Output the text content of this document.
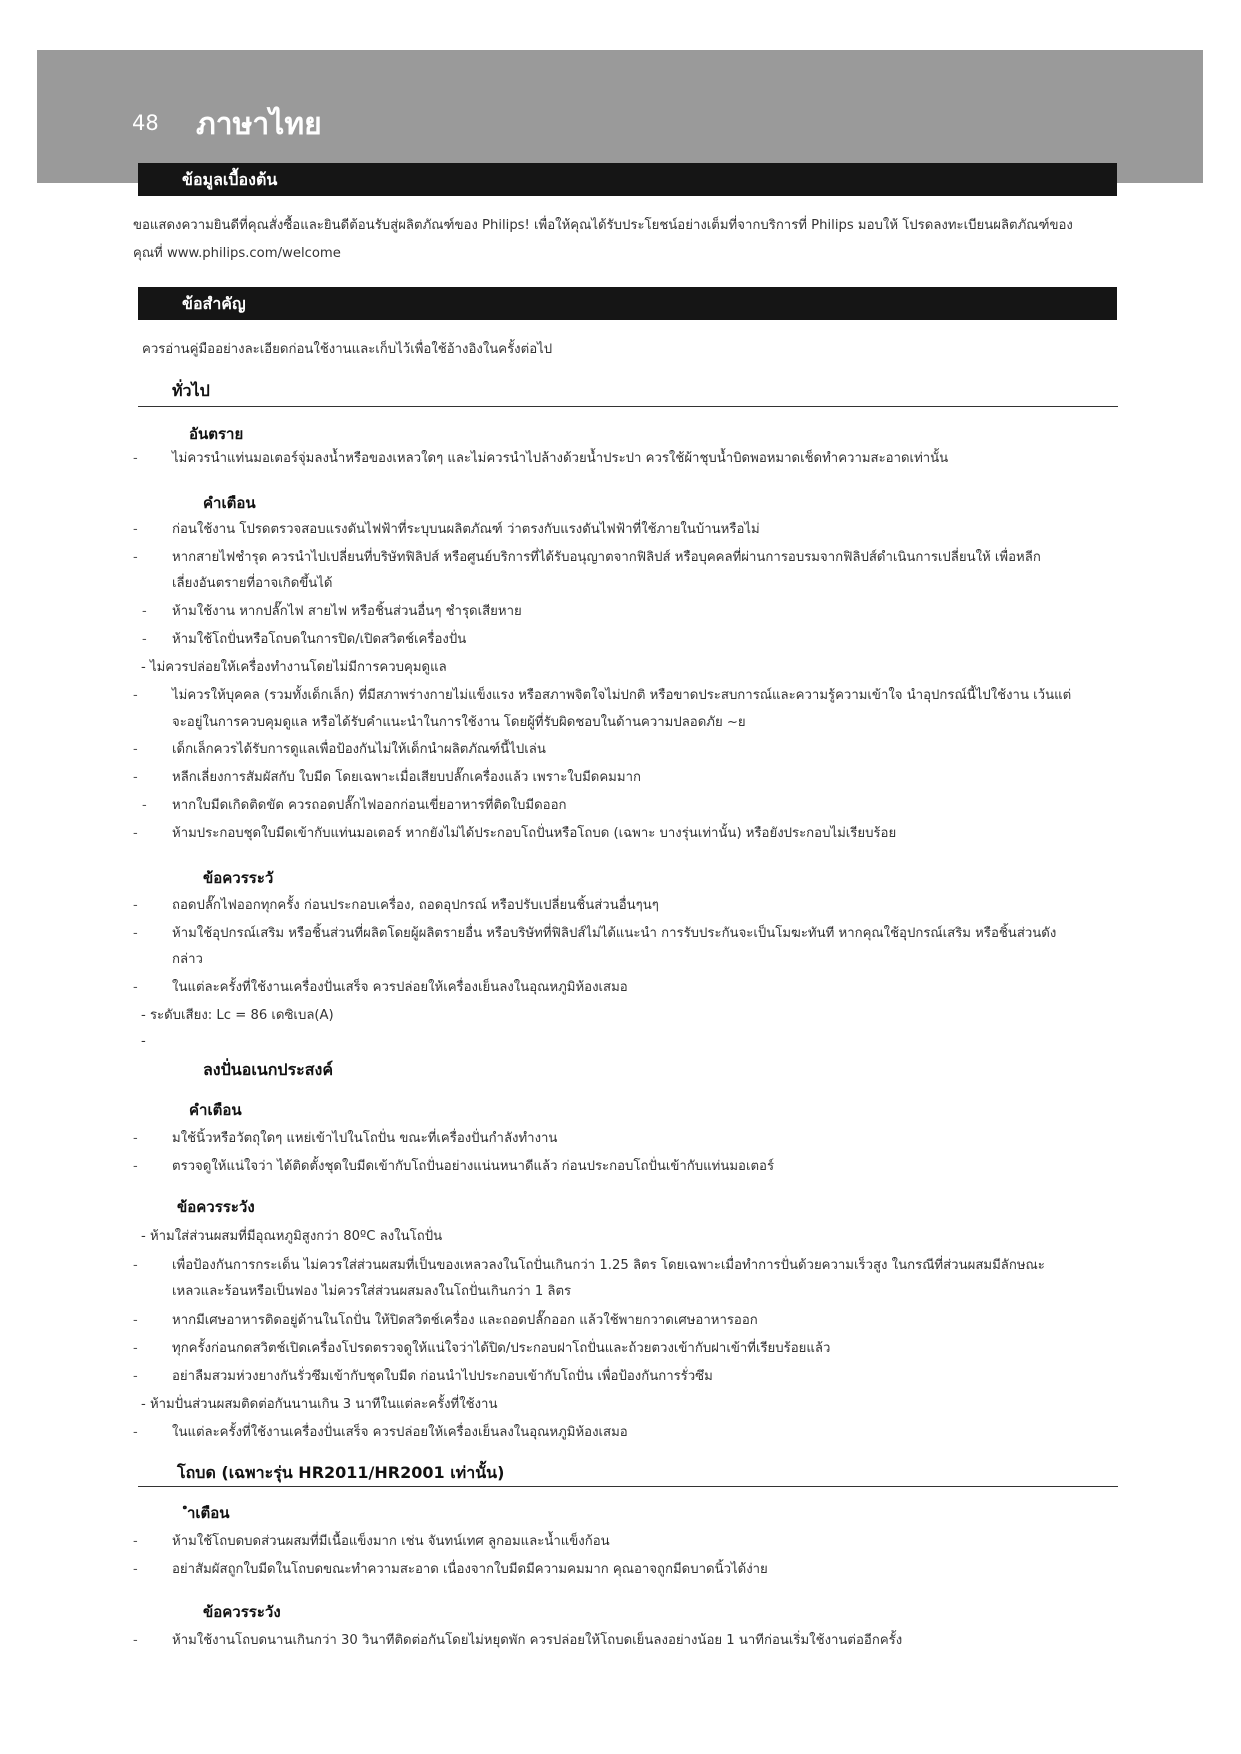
48 ภาษาไทย
ข้อมูลเบื้องต้น
ขอแสดงความยินดีที่คุณสั่งซื้อและยินดีต้อนรับสู่ผลิตภัณฑ์ของ Philips! เพื่อให้คุณได้รับประโยชน์อย่างเต็มที่จากบริการที่ Philips มอบให้ โปรดลงทะเบียนผลิตภัณฑ์ของ
คุณที่ www.philips.com/welcome
ข้อสำคัญ
ควรอ่านคู่มืออย่างละเอียดก่อนใช้งานและเก็บไว้เพื่อใช้อ้างอิงในครั้งต่อไป
ทั่วไป
อันตราย
-	ไม่ควรนำแท่นมอเตอร์จุ่มลงน้ำหรือของเหลวใดๆ และไม่ควรนำไปล้างด้วยน้ำประปา ควรใช้ผ้าชุบน้ำบิดพอหมาดเช็ดทำความสะอาดเท่านั้น
คำเตือน
-	ก่อนใช้งาน โปรดตรวจสอบแรงดันไฟฟ้าที่ระบุบนผลิตภัณฑ์ ว่าตรงกับแรงดันไฟฟ้าที่ใช้ภายในบ้านหรือไม่
-	หากสายไฟชำรุด ควรนำไปเปลี่ยนที่บริษัทฟิลิปส์ หรือศูนย์บริการที่ได้รับอนุญาตจากฟิลิปส์ หรือบุคคลที่ผ่านการอบรมจากฟิลิปส์ดำเนินการเปลี่ยนให้ เพื่อหลีก
เลี่ยงอันตรายที่อาจเกิดขึ้นได้
- ห้ามใช้งาน หากปลั๊กไฟ สายไฟ หรือชิ้นส่วนอื่นๆ ชำรุดเสียหาย
- ห้ามใช้โถปั่นหรือโถบดในการปิด/เปิดสวิตช์เครื่องปั่น
- ไม่ควรปล่อยให้เครื่องทำงานโดยไม่มีการควบคุมดูแล
-	ไม่ควรให้บุคคล (รวมทั้งเด็กเล็ก) ที่มีสภาพร่างกายไม่แข็งแรง หรือสภาพจิตใจไม่ปกติ หรือขาดประสบการณ์และความรู้ความเข้าใจ นำอุปกรณ์นี้ไปใช้งาน เว้นแต่
จะอยู่ในการควบคุมดูแล หรือได้รับคำแนะนำในการใช้งาน โดยผู้ที่รับผิดชอบในด้านความปลอดภัย ~ย
-	เด็กเล็กควรได้รับการดูแลเพื่อป้องกันไม่ให้เด็กนำผลิตภัณฑ์นี้ไปเล่น
-	หลีกเลี่ยงการสัมผัสกับ ใบมีด โดยเฉพาะเมื่อเสียบปลั๊กเครื่องแล้ว เพราะใบมีดคมมาก
- หากใบมีดเกิดติดขัด ควรถอดปลั๊กไฟออกก่อนเขี่ยอาหารที่ติดใบมีดออก
-	ห้ามประกอบชุดใบมีดเข้ากับแท่นมอเตอร์ หากยังไม่ได้ประกอบโถปั่นหรือโถบด (เฉพาะ บางรุ่นเท่านั้น) หรือยังประกอบไม่เรียบร้อย
ข้อควรระวั
-	ถอดปลั๊กไฟออกทุกครั้ง ก่อนประกอบเครื่อง, ถอดอุปกรณ์ หรือปรับเปลี่ยนชิ้นส่วนอื่นๆนๆ
-	ห้ามใช้อุปกรณ์เสริม หรือชิ้นส่วนที่ผลิตโดยผู้ผลิตรายอื่น หรือบริษัทที่ฟิลิปส์ไม่ได้แนะนำ การรับประกันจะเป็นโมฆะทันที หากคุณใช้อุปกรณ์เสริม หรือชิ้นส่วนดัง
กล่าว
-	ในแต่ละครั้งที่ใช้งานเครื่องปั่นเสร็จ ควรปล่อยให้เครื่องเย็นลงในอุณหภูมิห้องเสมอ
- ระดับเสียง: Lc = 86 เดซิเบล(A)
-
ลงปั่นอเนกประสงค์
คำเตือน
-	มใช้นิ้วหรือวัตถุใดๆ แหย่เข้าไปในโถปั่น ขณะที่เครื่องปั่นกำลังทำงาน
-	ตรวจดูให้แน่ใจว่า ได้ติดตั้งชุดใบมีดเข้ากับโถปั่นอย่างแน่นหนาดีแล้ว ก่อนประกอบโถปั่นเข้ากับแท่นมอเตอร์
ข้อควรระวัง
- ห้ามใส่ส่วนผสมที่มีอุณหภูมิสูงกว่า 80ºC ลงในโถปั่น
-	เพื่อป้องกันการกระเด็น ไม่ควรใส่ส่วนผสมที่เป็นของเหลวลงในโถปั่นเกินกว่า 1.25 ลิตร โดยเฉพาะเมื่อทำการปั่นด้วยความเร็วสูง ในกรณีที่ส่วนผสมมีลักษณะ
เหลวและร้อนหรือเป็นฟอง ไม่ควรใส่ส่วนผสมลงในโถปั่นเกินกว่า 1 ลิตร
-	หากมีเศษอาหารติดอยู่ด้านในโถปั่น ให้ปิดสวิตช์เครื่อง และถอดปลั๊กออก แล้วใช้พายกวาดเศษอาหารออก
-	ทุกครั้งก่อนกดสวิตช์เปิดเครื่องโปรดตรวจดูให้แน่ใจว่าได้ปิด/ประกอบฝาโถปั่นและถ้วยตวงเข้ากับฝาเข้าที่เรียบร้อยแล้ว
-	อย่าลืมสวมห่วงยางกันรั่วซึมเข้ากับชุดใบมีด ก่อนนำไปประกอบเข้ากับโถปั่น เพื่อป้องกันการรั่วซึม
- ห้ามปั่นส่วนผสมติดต่อกันนานเกิน 3 นาทีในแต่ละครั้งที่ใช้งาน
-	ในแต่ละครั้งที่ใช้งานเครื่องปั่นเสร็จ ควรปล่อยให้เครื่องเย็นลงในอุณหภูมิห้องเสมอ
โถบด (เฉพาะรุ่น HR2011/HR2001 เท่านั้น)
ำเตือน
-	ห้ามใช้โถบดบดส่วนผสมที่มีเนื้อแข็งมาก เช่น จันทน์เทศ ลูกอมและน้ำแข็งก้อน
-	อย่าสัมผัสถูกใบมีดในโถบดขณะทำความสะอาด เนื่องจากใบมีดมีความคมมาก คุณอาจถูกมีดบาดนิ้วได้ง่าย
ข้อควรระวัง
-	ห้ามใช้งานโถบดนานเกินกว่า 30 วินาทีติดต่อกันโดยไม่หยุดพัก ควรปล่อยให้โถบดเย็นลงอย่างน้อย 1 นาทีก่อนเริ่มใช้งานต่ออีกครั้ง
